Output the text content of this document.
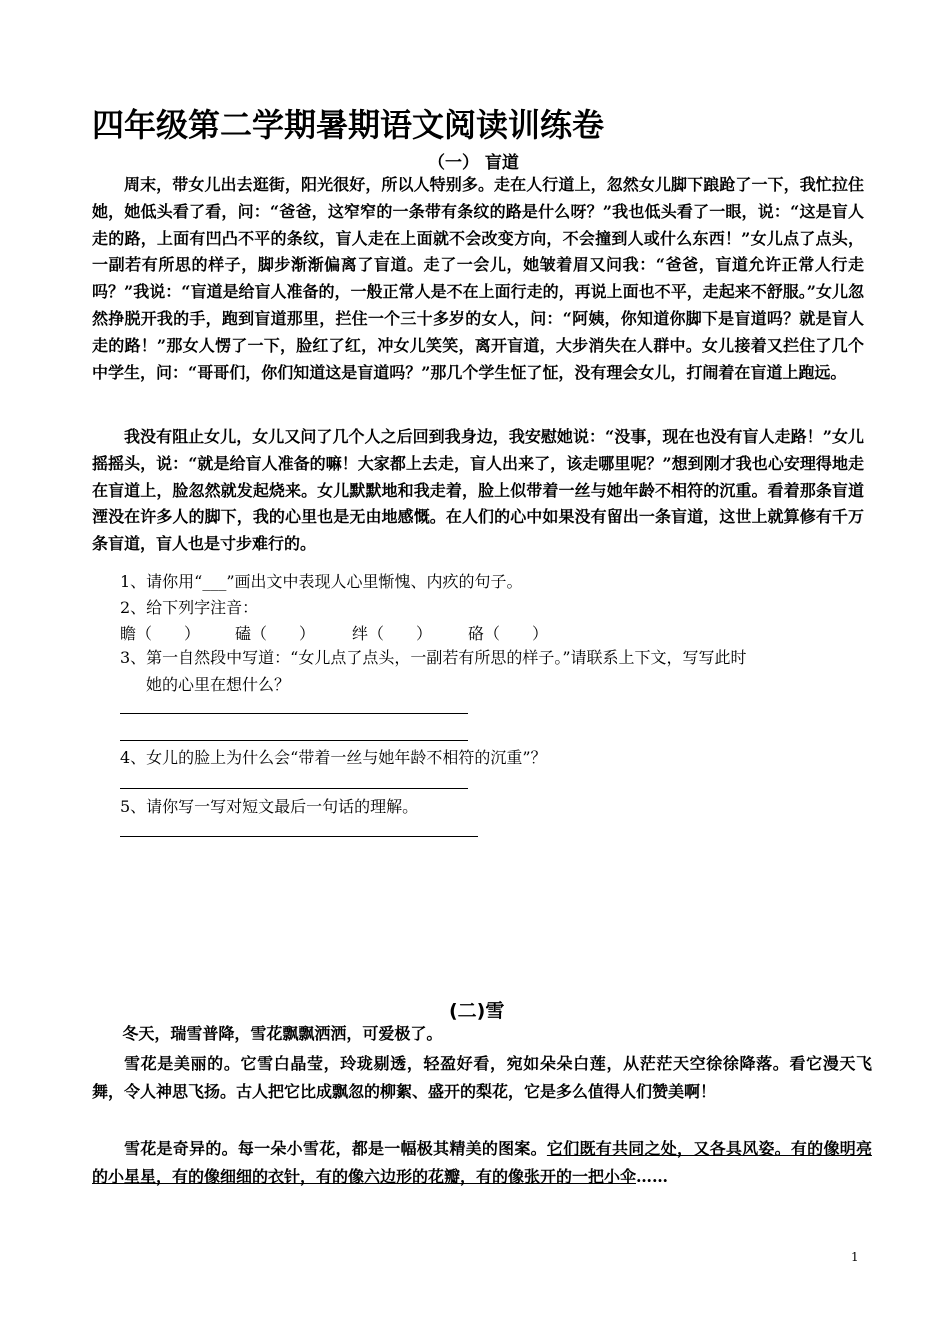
四年级第二学期暑期语文阅读训练卷
（一） 盲道
周末，带女儿出去逛街，阳光很好，所以人特别多。走在人行道上，忽然女儿脚下踉跄了一下，我忙拉住她，她低头看了看，问：“爸爸，这窄窄的一条带有条纹的路是什么呀？”我也低头看了一眼，说：“这是盲人走的路，上面有凹凸不平的条纹，盲人走在上面就不会改变方向，不会撞到人或什么东西！”女儿点了点头，一副若有所思的样子，脚步渐渐偏离了盲道。走了一会儿，她皱着眉又问我：“爸爸，盲道允许正常人行走吗？”我说：“盲道是给盲人准备的，一般正常人是不在上面行走的，再说上面也不平，走起来不舒服。”女儿忽然挣脱开我的手，跑到盲道那里，拦住一个三十多岁的女人，问：“阿姨，你知道你脚下是盲道吗？就是盲人走的路！”那女人愣了一下，脸红了红，冲女儿笑笑，离开盲道，大步消失在人群中。女儿接着又拦住了几个中学生，问：“哥哥们，你们知道这是盲道吗？”那几个学生怔了怔，没有理会女儿，打闹着在盲道上跑远。
我没有阻止女儿，女儿又问了几个人之后回到我身边，我安慰她说：“没事，现在也没有盲人走路！”女儿摇摇头，说：“就是给盲人准备的嘛！大家都上去走，盲人出来了，该走哪里呢？”想到刚才我也心安理得地走在盲道上，脸忽然就发起烧来。女儿默默地和我走着，脸上似带着一丝与她年龄不相符的沉重。看着那条盲道湮没在许多人的脚下，我的心里也是无由地感慨。在人们的心中如果没有留出一条盲道，这世上就算修有千万条盲道，盲人也是寸步难行的。
1、请你用“___”画出文中表现人心里惭愧、内疚的句子。
2、给下列字注音：
瞻（　　） 磕（　　） 绊（　　） 硌（　　）
3、第一自然段中写道：“女儿点了点头，一副若有所思的样子。”请联系上下文，写写此时
她的心里在想什么？
4、女儿的脸上为什么会“带着一丝与她年龄不相符的沉重”？
5、请你写一写对短文最后一句话的理解。
(二)雪
冬天，瑞雪普降，雪花飘飘洒洒，可爱极了。
雪花是美丽的。它雪白晶莹，玲珑剔透，轻盈好看，宛如朵朵白莲，从茫茫天空徐徐降落。看它漫天飞舞，令人神思飞扬。古人把它比成飘忽的柳絮、盛开的梨花，它是多么值得人们赞美啊！
雪花是奇异的。每一朵小雪花，都是一幅极其精美的图案。它们既有共同之处，又各具风姿。有的像明亮的小星星，有的像细细的衣针，有的像六边形的花瓣，有的像张开的一把小伞……
1
